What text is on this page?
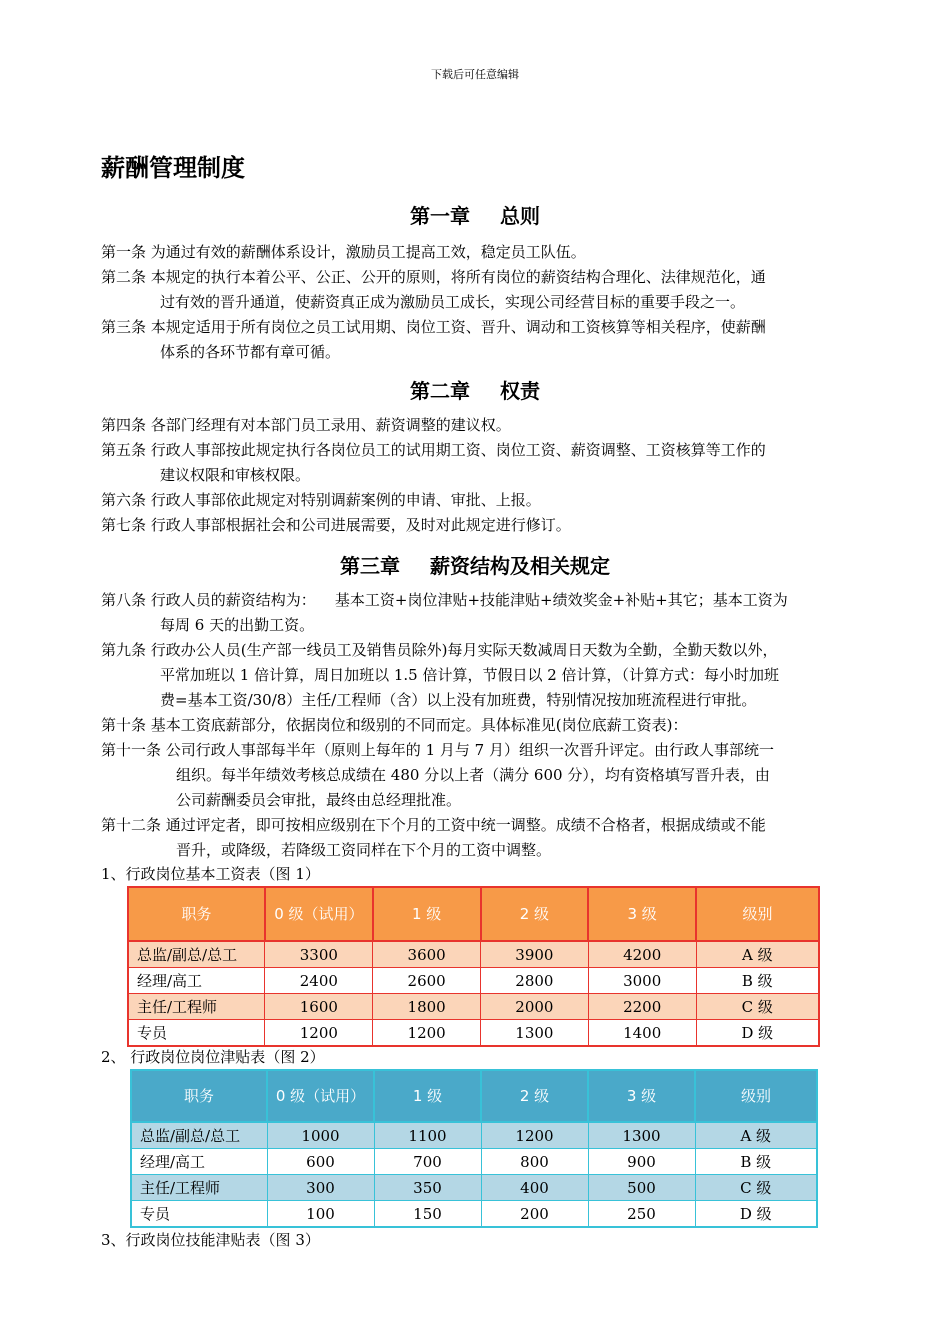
下载后可任意编辑
薪酬管理制度
第一章 总则
第一条 为通过有效的薪酬体系设计，激励员工提高工效，稳定员工队伍。
第二条 本规定的执行本着公平、公正、公开的原则，将所有岗位的薪资结构合理化、法律规范化，通
过有效的晋升通道，使薪资真正成为激励员工成长，实现公司经营目标的重要手段之一。
第三条 本规定适用于所有岗位之员工试用期、岗位工资、晋升、调动和工资核算等相关程序，使薪酬
体系的各环节都有章可循。
第二章 权责
第四条 各部门经理有对本部门员工录用、薪资调整的建议权。
第五条 行政人事部按此规定执行各岗位员工的试用期工资、岗位工资、薪资调整、工资核算等工作的
建议权限和审核权限。
第六条 行政人事部依此规定对特别调薪案例的申请、审批、上报。
第七条 行政人事部根据社会和公司进展需要，及时对此规定进行修订。
第三章 薪资结构及相关规定
第八条 行政人员的薪资结构为：    基本工资+岗位津贴+技能津贴+绩效奖金+补贴+其它；基本工资为
每周 6 天的出勤工资。
第九条 行政办公人员(生产部一线员工及销售员除外)每月实际天数减周日天数为全勤，全勤天数以外，
平常加班以 1 倍计算，周日加班以 1.5 倍计算，节假日以 2 倍计算，（计算方式：每小时加班
费=基本工资/30/8）主任/工程师（含）以上没有加班费，特别情况按加班流程进行审批。
第十条 基本工资底薪部分，依据岗位和级别的不同而定。具体标准见(岗位底薪工资表)：
第十一条 公司行政人事部每半年（原则上每年的 1 月与 7 月）组织一次晋升评定。由行政人事部统一
组织。每半年绩效考核总成绩在 480 分以上者（满分 600 分），均有资格填写晋升表，由
公司薪酬委员会审批，最终由总经理批准。
第十二条 通过评定者，即可按相应级别在下个月的工资中统一调整。成绩不合格者，根据成绩或不能
晋升，或降级，若降级工资同样在下个月的工资中调整。
1、行政岗位基本工资表（图 1）
职务	0 级（试用）	1 级	2 级	3 级	级别
总监/副总/总工	3300	3600	3900	4200	A 级
经理/高工	2400	2600	2800	3000	B 级
主任/工程师	1600	1800	2000	2200	C 级
专员	1200	1200	1300	1400	D 级
2、 行政岗位岗位津贴表（图 2）
职务	0 级（试用）	1 级	2 级	3 级	级别
总监/副总/总工	1000	1100	1200	1300	A 级
经理/高工	600	700	800	900	B 级
主任/工程师	300	350	400	500	C 级
专员	100	150	200	250	D 级
3、行政岗位技能津贴表（图 3）
